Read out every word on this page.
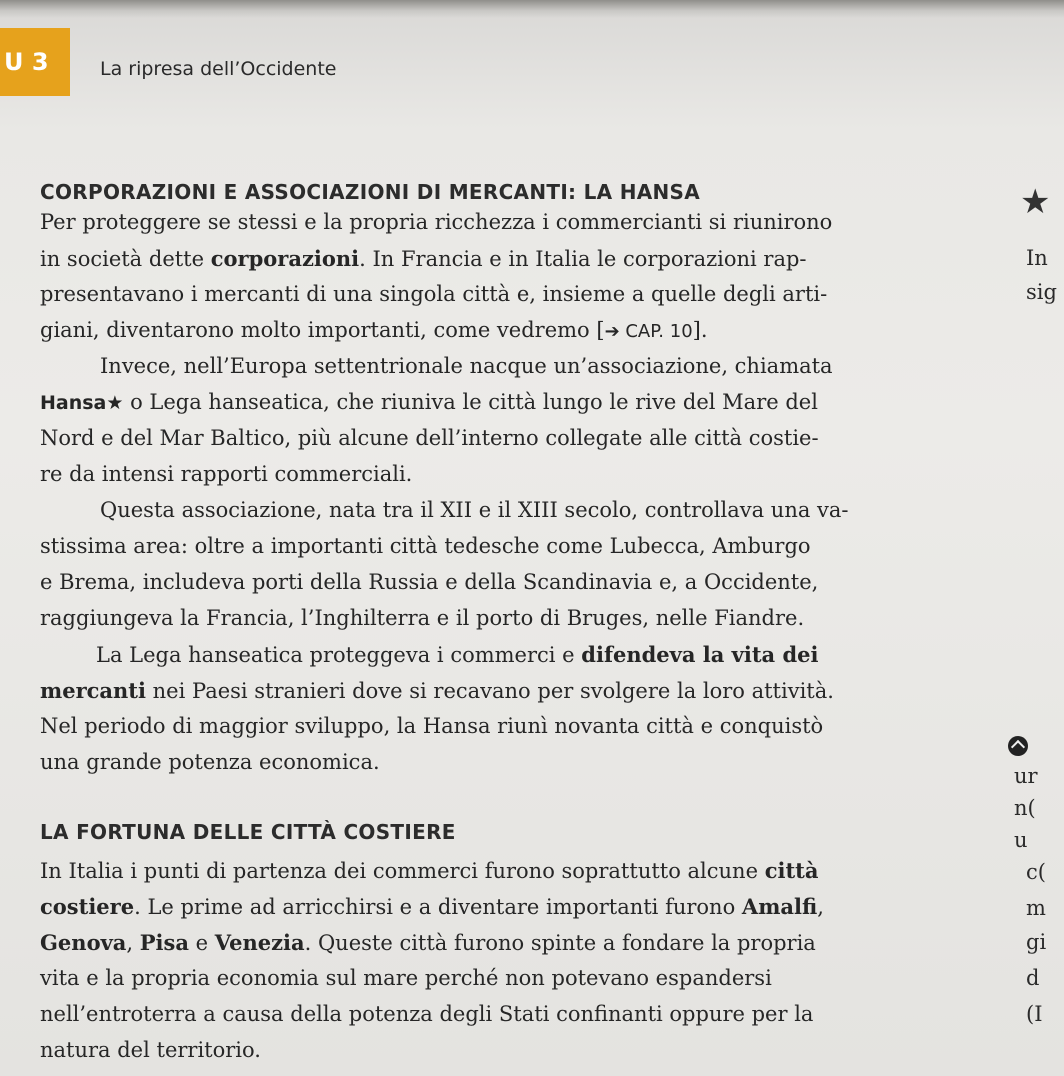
U 3	La ripresa dell’Occidente
CORPORAZIONI E ASSOCIAZIONI DI MERCANTI: LA HANSA
Per proteggere se stessi e la propria ricchezza i commercianti si riunirono
in società dette corporazioni. In Francia e in Italia le corporazioni rap-
presentavano i mercanti di una singola città e, insieme a quelle degli arti-
giani, diventarono molto importanti, come vedremo [➔ CAP. 10].
Invece, nell’Europa settentrionale nacque un’associazione, chiamata
Hansa★ o Lega hanseatica, che riuniva le città lungo le rive del Mare del
Nord e del Mar Baltico, più alcune dell’interno collegate alle città costie-
re da intensi rapporti commerciali.
Questa associazione, nata tra il XII e il XIII secolo, controllava una va-
stissima area: oltre a importanti città tedesche come Lubecca, Amburgo
e Brema, includeva porti della Russia e della Scandinavia e, a Occidente,
raggiungeva la Francia, l’Inghilterra e il porto di Bruges, nelle Fiandre.
La Lega hanseatica proteggeva i commerci e difendeva la vita dei
mercanti nei Paesi stranieri dove si recavano per svolgere la loro attività.
Nel periodo di maggior sviluppo, la Hansa riunì novanta città e conquistò
una grande potenza economica.
LA FORTUNA DELLE CITTÀ COSTIERE
In Italia i punti di partenza dei commerci furono soprattutto alcune città
costiere. Le prime ad arricchirsi e a diventare importanti furono Amalfi,
Genova, Pisa e Venezia. Queste città furono spinte a fondare la propria
vita e la propria economia sul mare perché non potevano espandersi
nell’entroterra a causa della potenza degli Stati confinanti oppure per la
natura del territorio.
★
In
sig
ur
n(
u
c(
m
gi
d
(I
